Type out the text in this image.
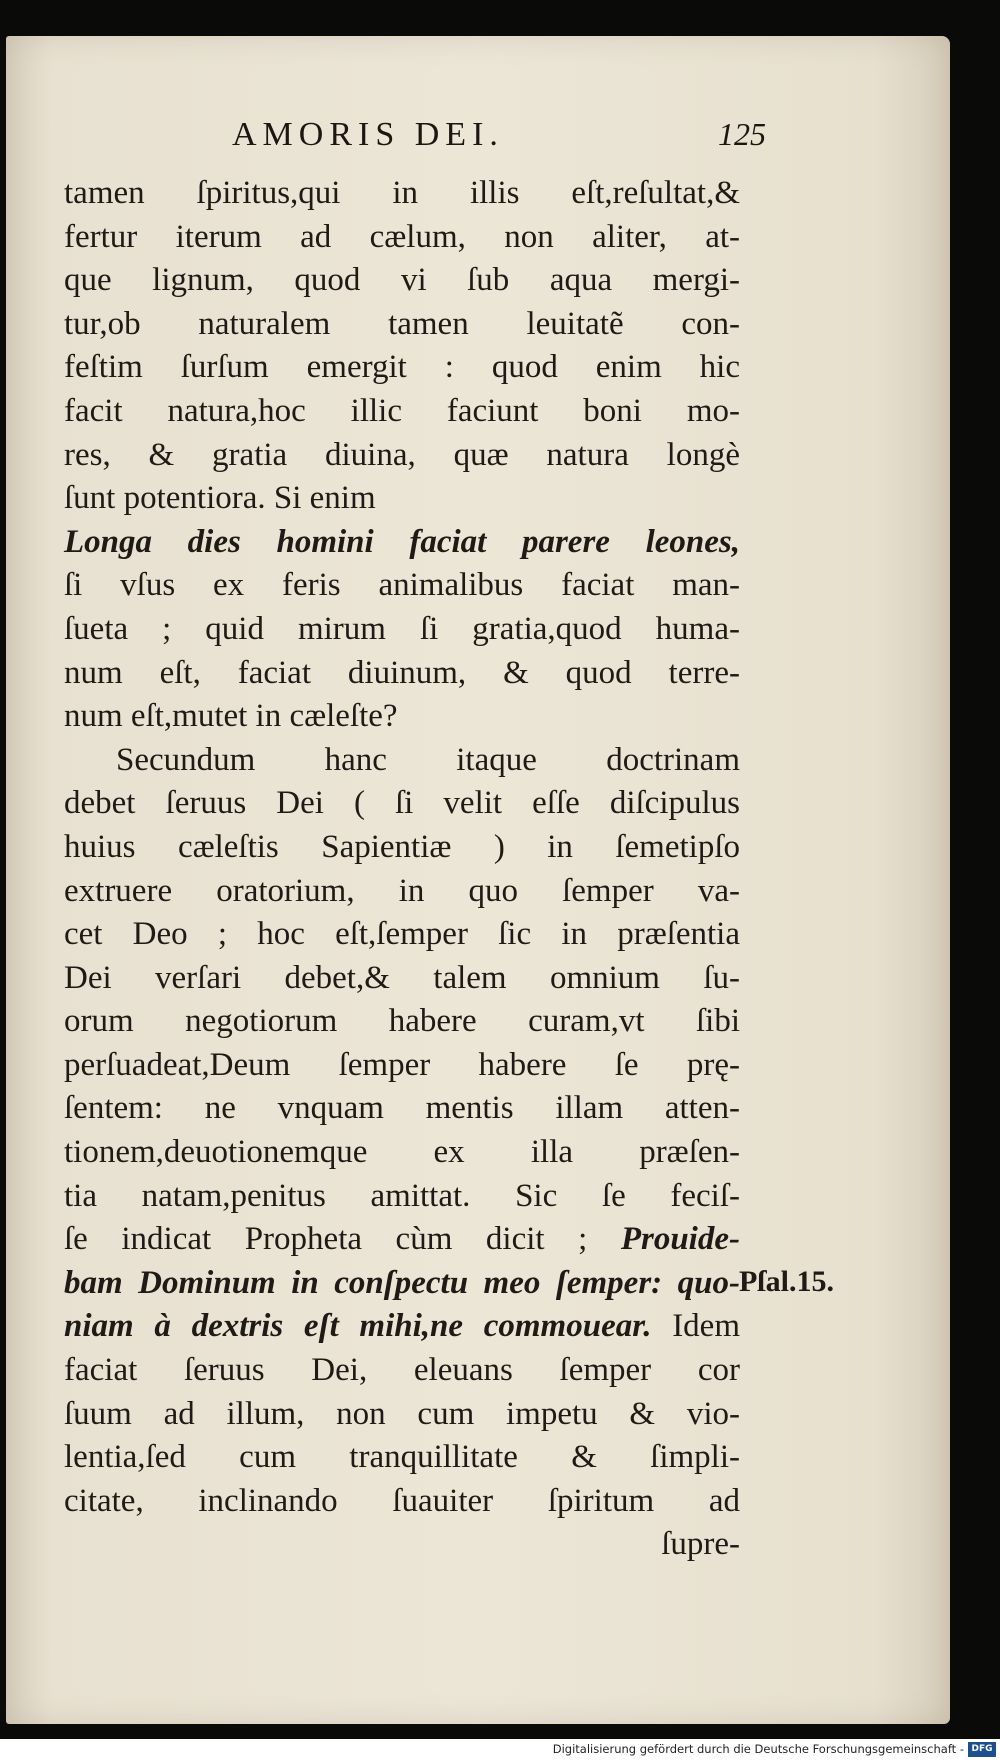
AMORIS DEI.	125
tamen ſpiritus,qui in illis eſt,reſultat,&
fertur iterum ad cælum, non aliter, at-
que lignum, quod vi ſub aqua mergi-
tur,ob naturalem tamen leuitatẽ con-
feſtim ſurſum emergit : quod enim hic
facit natura,hoc illic faciunt boni mo-
res, & gratia diuina, quæ natura longè
ſunt potentiora. Si enim
Longa dies homini faciat parere leones,
ſi vſus ex feris animalibus faciat man-
ſueta ; quid mirum ſi gratia,quod huma-
num eſt, faciat diuinum, & quod terre-
num eſt,mutet in cæleſte?
Secundum hanc itaque doctrinam
debet ſeruus Dei ( ſi velit eſſe diſcipulus
huius cæleſtis Sapientiæ ) in ſemetipſo
extruere oratorium, in quo ſemper va-
cet Deo ; hoc eſt,ſemper ſic in præſentia
Dei verſari debet,& talem omnium ſu-
orum negotiorum habere curam,vt ſibi
perſuadeat,Deum ſemper habere ſe prę-
ſentem: ne vnquam mentis illam atten-
tionem,deuotionemque ex illa præſen-
tia natam,penitus amittat. Sic ſe feciſ-
ſe indicat Propheta cùm dicit ; Prouide-
bam Dominum in conſpectu meo ſemper: quo-
niam à dextris eſt mihi,ne commouear. Idem
faciat ſeruus Dei, eleuans ſemper cor
ſuum ad illum, non cum impetu & vio-
lentia,ſed cum tranquillitate & ſimpli-
citate, inclinando ſuauiter ſpiritum ad
ſupre-
Pſal.15.
Digitalisierung gefördert durch die Deutsche Forschungsgemeinschaft - DFG
